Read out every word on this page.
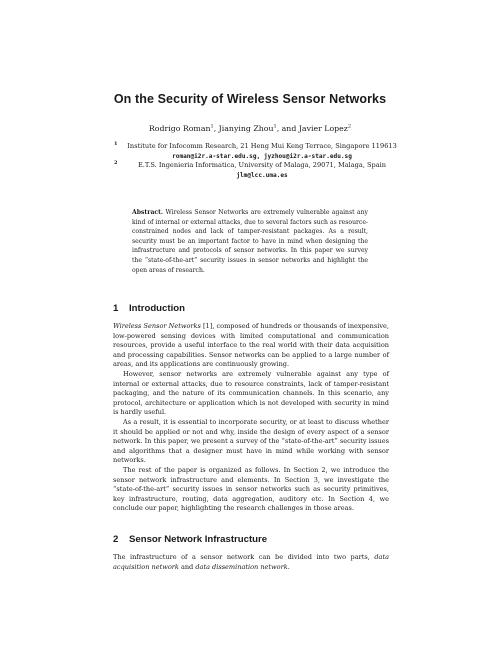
On the Security of Wireless Sensor Networks
Rodrigo Roman$^1$, Jianying Zhou$^1$, and Javier Lopez$^2$
1	Institute for Infocomm Research, 21 Heng Mui Keng Terrace, Singapore 119613
roman@i2r.a-star.edu.sg, jyzhou@i2r.a-star.edu.sg
2	E.T.S. Ingenieria Informatica, University of Malaga, 29071, Malaga, Spain
jlm@lcc.uma.es
Abstract. Wireless Sensor Networks are extremely vulnerable against any kind of internal or external attacks, due to several factors such as resource-constrained nodes and lack of tamper-resistant packages. As a result, security must be an important factor to have in mind when designing the infrastructure and protocols of sensor networks. In this paper we survey the “state-of-the-art” security issues in sensor networks and highlight the open areas of research.
1 Introduction

Wireless Sensor Networks [1], composed of hundreds or thousands of inexpensive, low-powered sensing devices with limited computational and communication resources, provide a useful interface to the real world with their data acquisition and processing capabilities. Sensor networks can be applied to a large number of areas, and its applications are continuously growing.

However, sensor networks are extremely vulnerable against any type of internal or external attacks, due to resource constraints, lack of tamper-resistant packaging, and the nature of its communication channels. In this scenario, any protocol, architecture or application which is not developed with security in mind is hardly useful.

As a result, it is essential to incorporate security, or at least to discuss whether it should be applied or not and why, inside the design of every aspect of a sensor network. In this paper, we present a survey of the “state-of-the-art” security issues and algorithms that a designer must have in mind while working with sensor networks.

The rest of the paper is organized as follows. In Section 2, we introduce the sensor network infrastructure and elements. In Section 3, we investigate the “state-of-the-art” security issues in sensor networks such as security primitives, key infrastructure, routing, data aggregation, auditory etc. In Section 4, we conclude our paper, highlighting the research challenges in those areas.

2 Sensor Network Infrastructure

The infrastructure of a sensor network can be divided into two parts, data acquisition network and data dissemination network.
